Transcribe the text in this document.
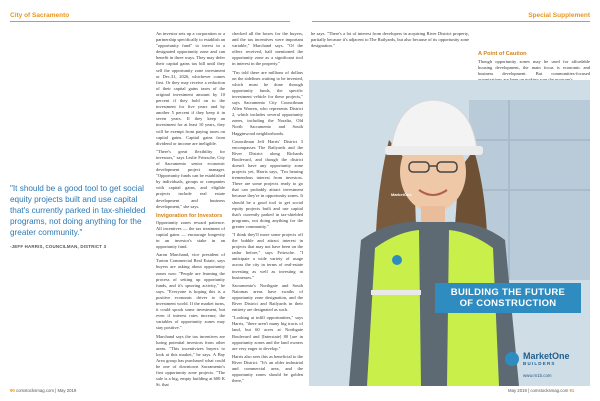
City of Sacramento	Special Supplement
"It should be a good tool to get social equity projects built and use capital that's currently parked in tax-shielded programs, not doing anything for the greater community."
-JEFF HARRIS, COUNCILMAN, DISTRICT 3

An investor sets up a corporation or a partnership specifically to establish an "opportunity fund" to invest in a designated opportunity zone and can benefit in three ways. They may defer their capital gains tax bill until they sell the opportunity zone investment or Dec.31, 2026, whichever comes first. Or they may receive a reduction of their capital gains taxes of the original investment amount by 10 percent if they hold on to the investment for five years and by another 5 percent if they keep it in seven years. If they keep an investment for at least 10 years, they will be exempt from paying taxes on capital gains. Capital gains from dividend or income are ineligible.

"There's great flexibility for investors," says Leslie Fritzsche, City of Sacramento senior economic development project manager. "Opportunity funds can be established by individuals, groups or companies with capital gains, and eligible projects include real estate development and business development," she says.

Invigoration for Investors

Opportunity zones reward patience. All incentives — the tax treatment of capital gains — encourage longevity in an investor's stake in an opportunity fund.

Aaron Marchand, vice president of Turton Commercial Real Estate, says buyers are asking about opportunity zones now. "People are learning the process of setting up opportunity funds, and it's spurring activity," he says. "Everyone is hoping this is a positive economic driver to the investment world. If the market turns, it could spook some investment, but even if interest rates increase, the variables of opportunity zones may stay positive."

Marchand says the tax incentives are luring potential investors from other areas. "This incentivizes buyers to look at this market," he says. A Bay Area group has purchased what could be one of downtown Sacramento's first opportunity zone projects. "The sale is a big, empty building at 600 K St. that

checked all the boxes for the buyers, and the tax incentives were important variable," Marchand says. "Of the offers received, half mentioned the opportunity zone as a significant tool in interest in the property."

"I'm told there are millions of dollars on the sidelines waiting to be invested, which must be done through opportunity funds, the specific investment vehicle for these projects," says Sacramento City Councilman Allen Warren, who represents District 2, which includes several opportunity zones, including the Noralto, Old North Sacramento and South Hagginwood neighborhoods.

Councilman Jeff Harris' District 3 encompasses The Railyards and the River District along Richards Boulevard, and though the district doesn't have any opportunity zone projects yet, Harris says, "I'm hearing tremendous interest from investors. There are some projects ready to go that can probably attract investment because they're in opportunity zones. It should be a good tool to get social equity projects built and use capital that's currently parked in tax-shielded programs, not doing anything for the greater community."

"I think they'll more some projects off the bubble and attract interest in projects that may not have been on the radar before," says Fritzsche. "I anticipate a wide variety of usage across the city in terms of real-estate investing as well as investing in businesses."

Sacramento's Northgate and South Natomas areas have swaths of opportunity zone designation, and the River District and Railyards in their entirety are designated as such.

"Looking at infill opportunities," says Harris, "there aren't many big tracts of land, but 60 acres at Northgate Boulevard and [Interstate] 80 [are in opportunity zones and the land owners are very eager to develop."

Harris also sees this as beneficial to the River District. "It's an older industrial and commercial area, and the opportunity zones should be golden there,"

he says. "There's a lot of interest from developers in acquiring River District property, partially because it's adjacent to The Railyards, but also because of its opportunity zone designation."

A Point of Caution

Though opportunity zones may be used for affordable housing development, the main focus is economic and business development. But communities-focused

MarketOne
BUILDING THE FUTURE
OF CONSTRUCTION
MarketOne
BUILDERS
www.m1b.com
90 comstocksmag.com | May 2019	May 2019 | comstocksmag.com 91
